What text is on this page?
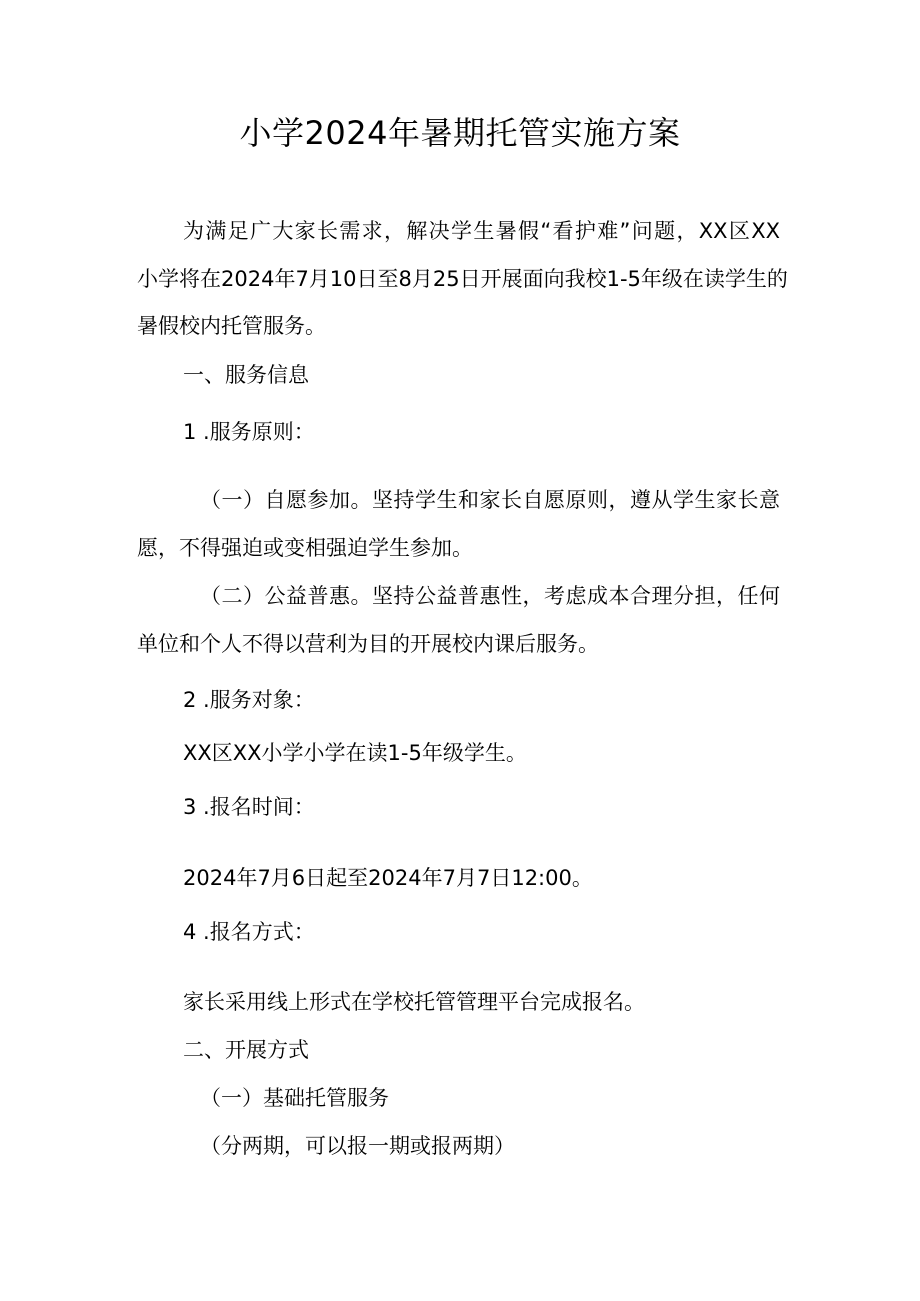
小学2024年暑期托管实施方案
为满足广大家长需求，解决学生暑假“看护难”问题，XX区XX
小学将在2024年7月10日至8月25日开展面向我校1-5年级在读学生的
暑假校内托管服务。
一、服务信息
1 .服务原则：
（一）自愿参加。坚持学生和家长自愿原则，遵从学生家长意
愿，不得强迫或变相强迫学生参加。
（二）公益普惠。坚持公益普惠性，考虑成本合理分担，任何
单位和个人不得以营利为目的开展校内课后服务。
2 .服务对象：
XX区XX小学小学在读1-5年级学生。
3 .报名时间：
2024年7月6日起至2024年7月7日12:00。
4 .报名方式：
家长采用线上形式在学校托管管理平台完成报名。
二、开展方式
（一）基础托管服务
（分两期，可以报一期或报两期）
